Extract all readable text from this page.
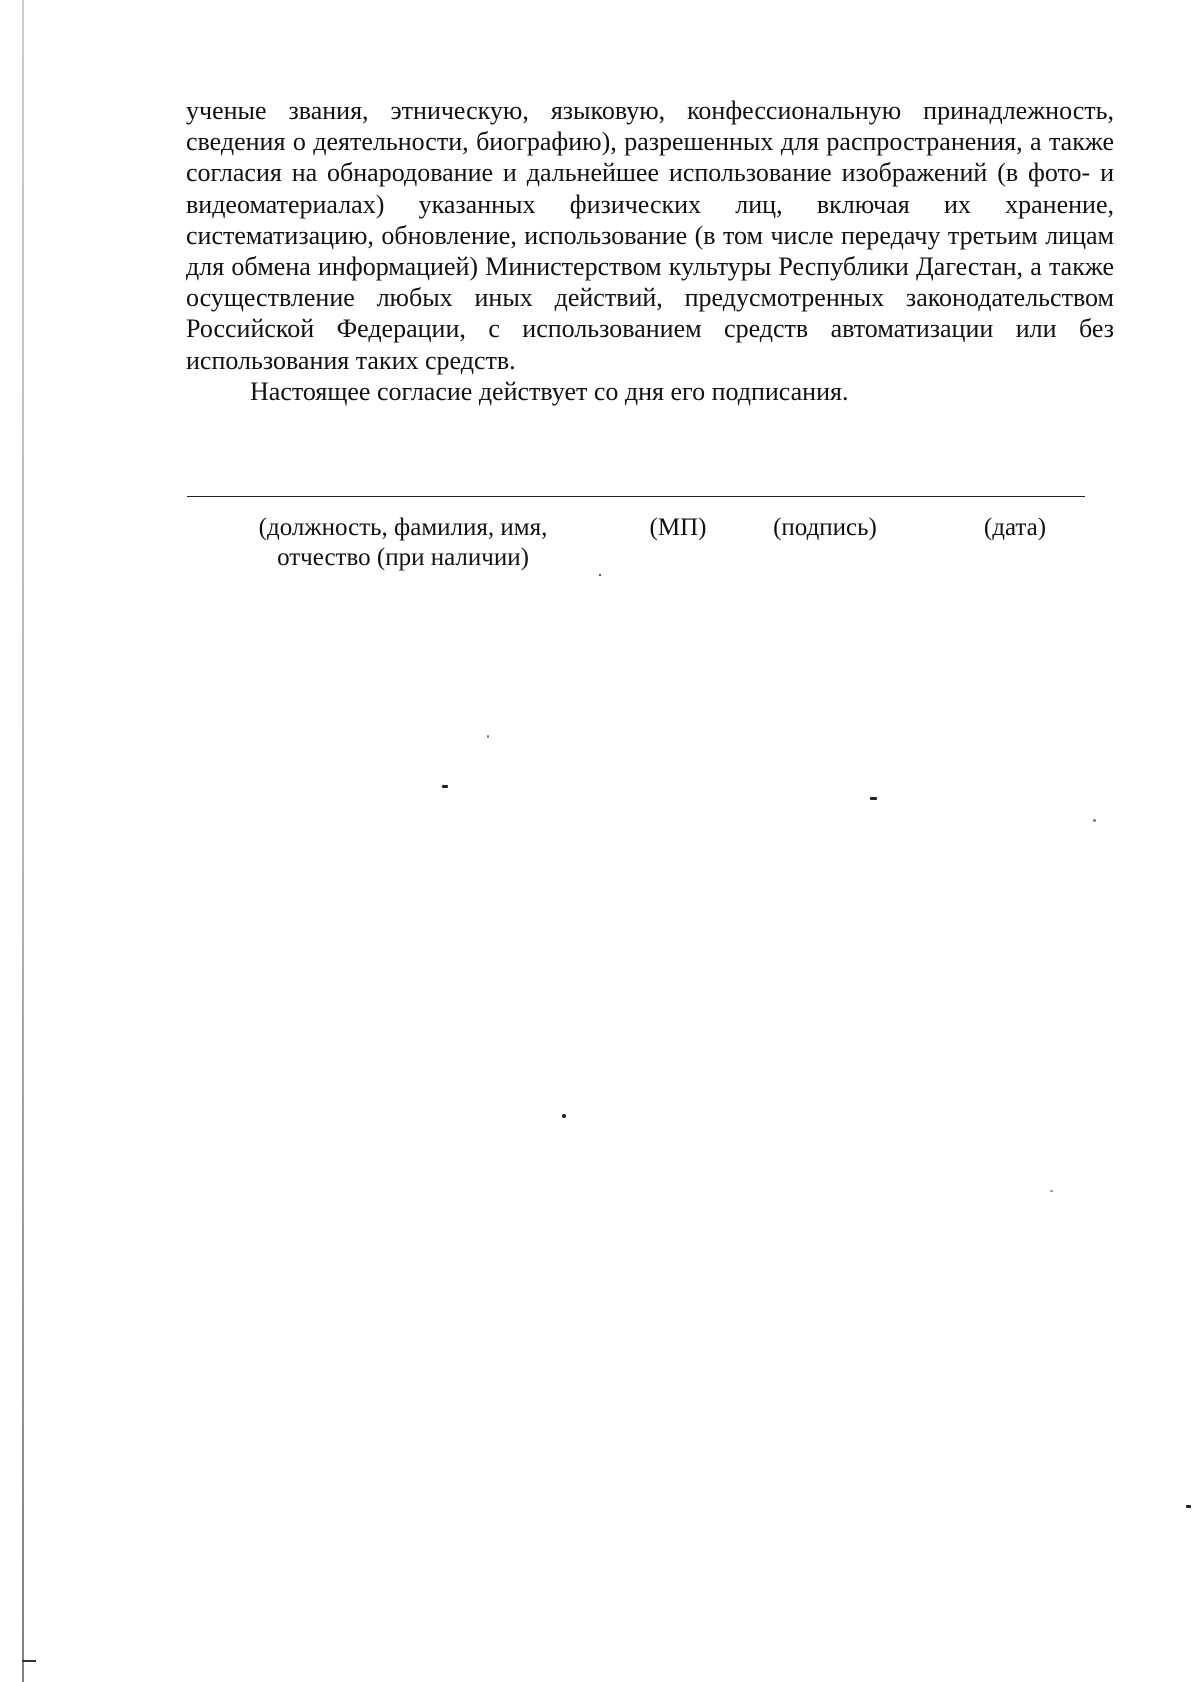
ученые звания, этническую, языковую, конфессиональную принадлежность, сведения о деятельности, биографию), разрешенных для распространения, а также согласия на обнародование и дальнейшее использование изображений (в фото- и видеоматериалах) указанных физических лиц, включая их хранение, систематизацию, обновление, использование (в том числе передачу третьим лицам для обмена информацией) Министерством культуры Республики Дагестан, а также осуществление любых иных действий, предусмотренных законодательством Российской Федерации, с использованием средств автоматизации или без использования таких средств.

Настоящее согласие действует со дня его подписания.

(должность, фамилия, имя,
отчество (при наличии)
(МП)	(подпись)	(дата)
